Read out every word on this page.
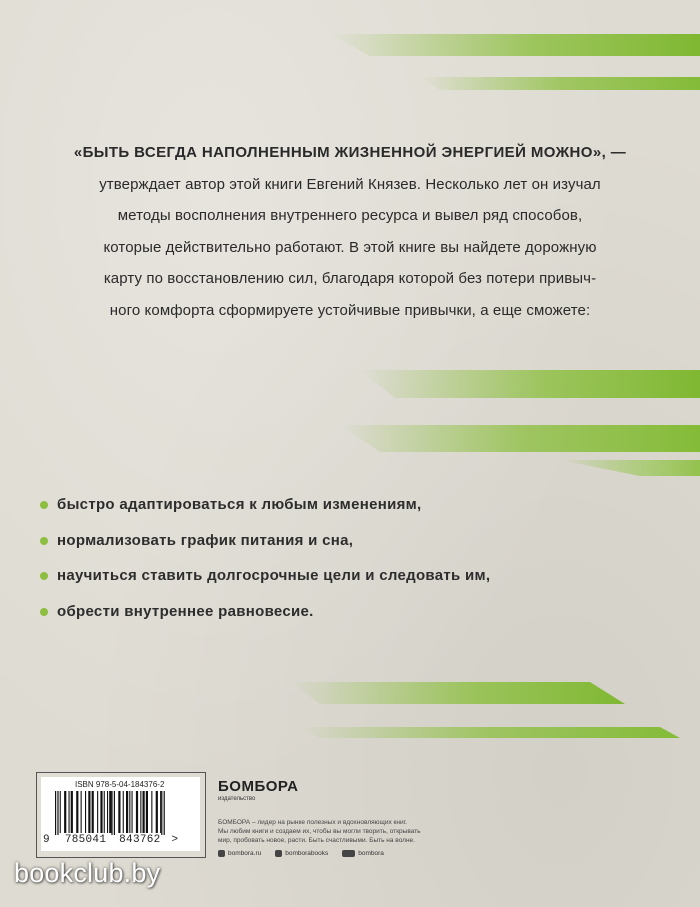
«БЫТЬ ВСЕГДА НАПОЛНЕННЫМ ЖИЗНЕННОЙ ЭНЕРГИЕЙ МОЖНО», —
утверждает автор этой книги Евгений Князев. Несколько лет он изучал
методы восполнения внутреннего ресурса и вывел ряд способов,
которые действительно работают. В этой книге вы найдете дорожную
карту по восстановлению сил, благодаря которой без потери привыч-
ного комфорта сформируете устойчивые привычки, а еще сможете:
быстро адаптироваться к любым изменениям,
нормализовать график питания и сна,
научиться ставить долгосрочные цели и следовать им,
обрести внутреннее равновесие.
ISBN 978-5-04-184376-2
9 785041 843762 >
БОМБОРА
издательство
БОМБОРА – лидер на рынке полезных и вдохновляющих книг.
Мы любим книги и создаем их, чтобы вы могли творить, открывать
мир, пробовать новое, расти. Быть счастливыми. Быть на волне.
bombora.ru	bomborabooks	bombora
bookclub.by
